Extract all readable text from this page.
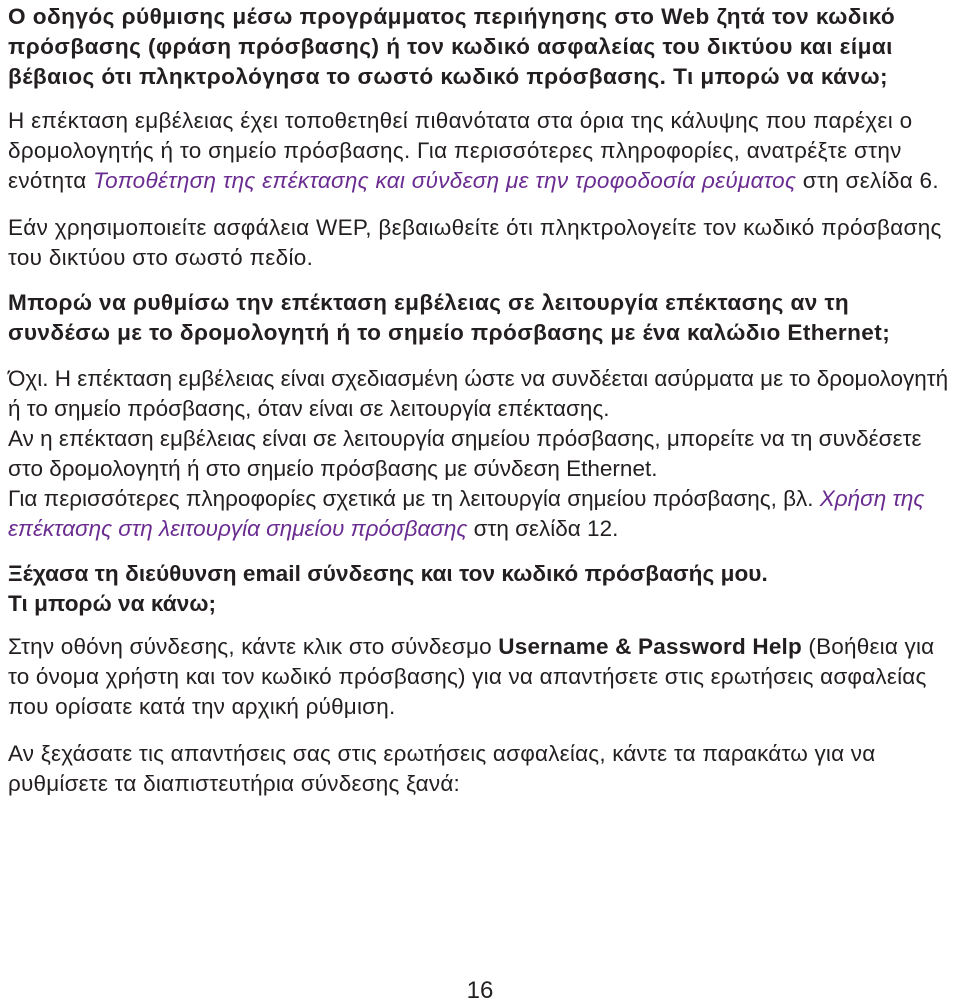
Ο οδηγός ρύθμισης μέσω προγράμματος περιήγησης στο Web ζητά τον κωδικό πρόσβασης (φράση πρόσβασης) ή τον κωδικό ασφαλείας του δικτύου και είμαι βέβαιος ότι πληκτρολόγησα το σωστό κωδικό πρόσβασης. Τι μπορώ να κάνω;

Η επέκταση εμβέλειας έχει τοποθετηθεί πιθανότατα στα όρια της κάλυψης που παρέχει ο δρομολογητής ή το σημείο πρόσβασης. Για περισσότερες πληροφορίες, ανατρέξτε στην ενότητα Τοποθέτηση της επέκτασης και σύνδεση με την τροφοδοσία ρεύματος στη σελίδα 6.

Εάν χρησιμοποιείτε ασφάλεια WEP, βεβαιωθείτε ότι πληκτρολογείτε τον κωδικό πρόσβασης του δικτύου στο σωστό πεδίο.

Μπορώ να ρυθμίσω την επέκταση εμβέλειας σε λειτουργία επέκτασης αν τη συνδέσω με το δρομολογητή ή το σημείο πρόσβασης με ένα καλώδιο Ethernet;

Όχι. Η επέκταση εμβέλειας είναι σχεδιασμένη ώστε να συνδέεται ασύρματα με το δρομολογητή ή το σημείο πρόσβασης, όταν είναι σε λειτουργία επέκτασης.

Αν η επέκταση εμβέλειας είναι σε λειτουργία σημείου πρόσβασης, μπορείτε να τη συνδέσετε στο δρομολογητή ή στο σημείο πρόσβασης με σύνδεση Ethernet.

Για περισσότερες πληροφορίες σχετικά με τη λειτουργία σημείου πρόσβασης, βλ. Χρήση της επέκτασης στη λειτουργία σημείου πρόσβασης στη σελίδα 12.

Ξέχασα τη διεύθυνση email σύνδεσης και τον κωδικό πρόσβασής μου.

Τι μπορώ να κάνω;

Στην οθόνη σύνδεσης, κάντε κλικ στο σύνδεσμο Username & Password Help (Βοήθεια για το όνομα χρήστη και τον κωδικό πρόσβασης) για να απαντήσετε στις ερωτήσεις ασφαλείας που ορίσατε κατά την αρχική ρύθμιση.

Αν ξεχάσατε τις απαντήσεις σας στις ερωτήσεις ασφαλείας, κάντε τα παρακάτω για να ρυθμίσετε τα διαπιστευτήρια σύνδεσης ξανά:

16
